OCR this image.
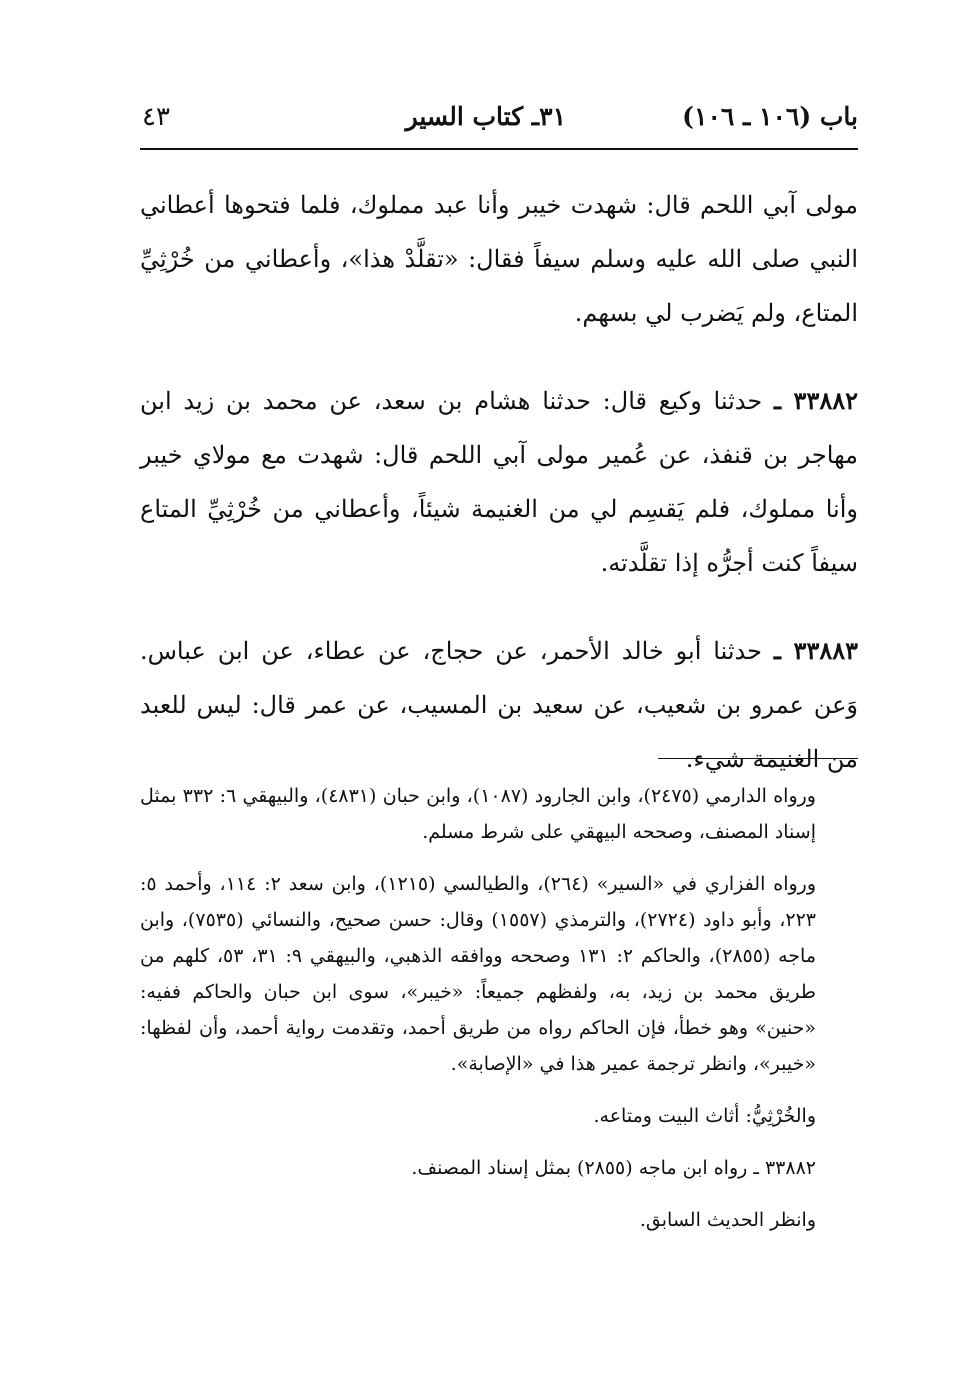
باب (١٠٦ ـ ١٠٦)
٣١ـ كتاب السير
٤٣

مولى آبي اللحم قال: شهدت خيبر وأنا عبد مملوك، فلما فتحوها أعطاني النبي صلى الله عليه وسلم سيفاً فقال: «تقلَّدْ هذا»، وأعطاني من خُرْثِيِّ المتاع، ولم يَضرب لي بسهم.

٣٣٨٨٢ ـ حدثنا وكيع قال: حدثنا هشام بن سعد، عن محمد بن زيد ابن مهاجر بن قنفذ، عن عُمير مولى آبي اللحم قال: شهدت مع مولاي خيبر وأنا مملوك، فلم يَقسِم لي من الغنيمة شيئاً، وأعطاني من خُرْثِيِّ المتاع سيفاً كنت أجرُّه إذا تقلَّدته.

٣٣٨٨٣ ـ حدثنا أبو خالد الأحمر، عن حجاج، عن عطاء، عن ابن عباس. وَعن عمرو بن شعيب، عن سعيد بن المسيب، عن عمر قال: ليس للعبد من الغنيمة شيء.

ورواه الدارمي (٢٤٧٥)، وابن الجارود (١٠٨٧)، وابن حبان (٤٨٣١)، والبيهقي ٦: ٣٣٢ بمثل إسناد المصنف، وصححه البيهقي على شرط مسلم.

ورواه الفزاري في «السير» (٢٦٤)، والطيالسي (١٢١٥)، وابن سعد ٢: ١١٤، وأحمد ٥: ٢٢٣، وأبو داود (٢٧٢٤)، والترمذي (١٥٥٧) وقال: حسن صحيح، والنسائي (٧٥٣٥)، وابن ماجه (٢٨٥٥)، والحاكم ٢: ١٣١ وصححه ووافقه الذهبي، والبيهقي ٩: ٣١، ٥٣، كلهم من طريق محمد بن زيد، به، ولفظهم جميعاً: «خيبر»، سوى ابن حبان والحاكم ففيه: «حنين» وهو خطأ، فإن الحاكم رواه من طريق أحمد، وتقدمت رواية أحمد، وأن لفظها: «خيبر»، وانظر ترجمة عمير هذا في «الإصابة».

والخُرْثِيُّ: أثاث البيت ومتاعه.

٣٣٨٨٢ ـ رواه ابن ماجه (٢٨٥٥) بمثل إسناد المصنف.

وانظر الحديث السابق.
